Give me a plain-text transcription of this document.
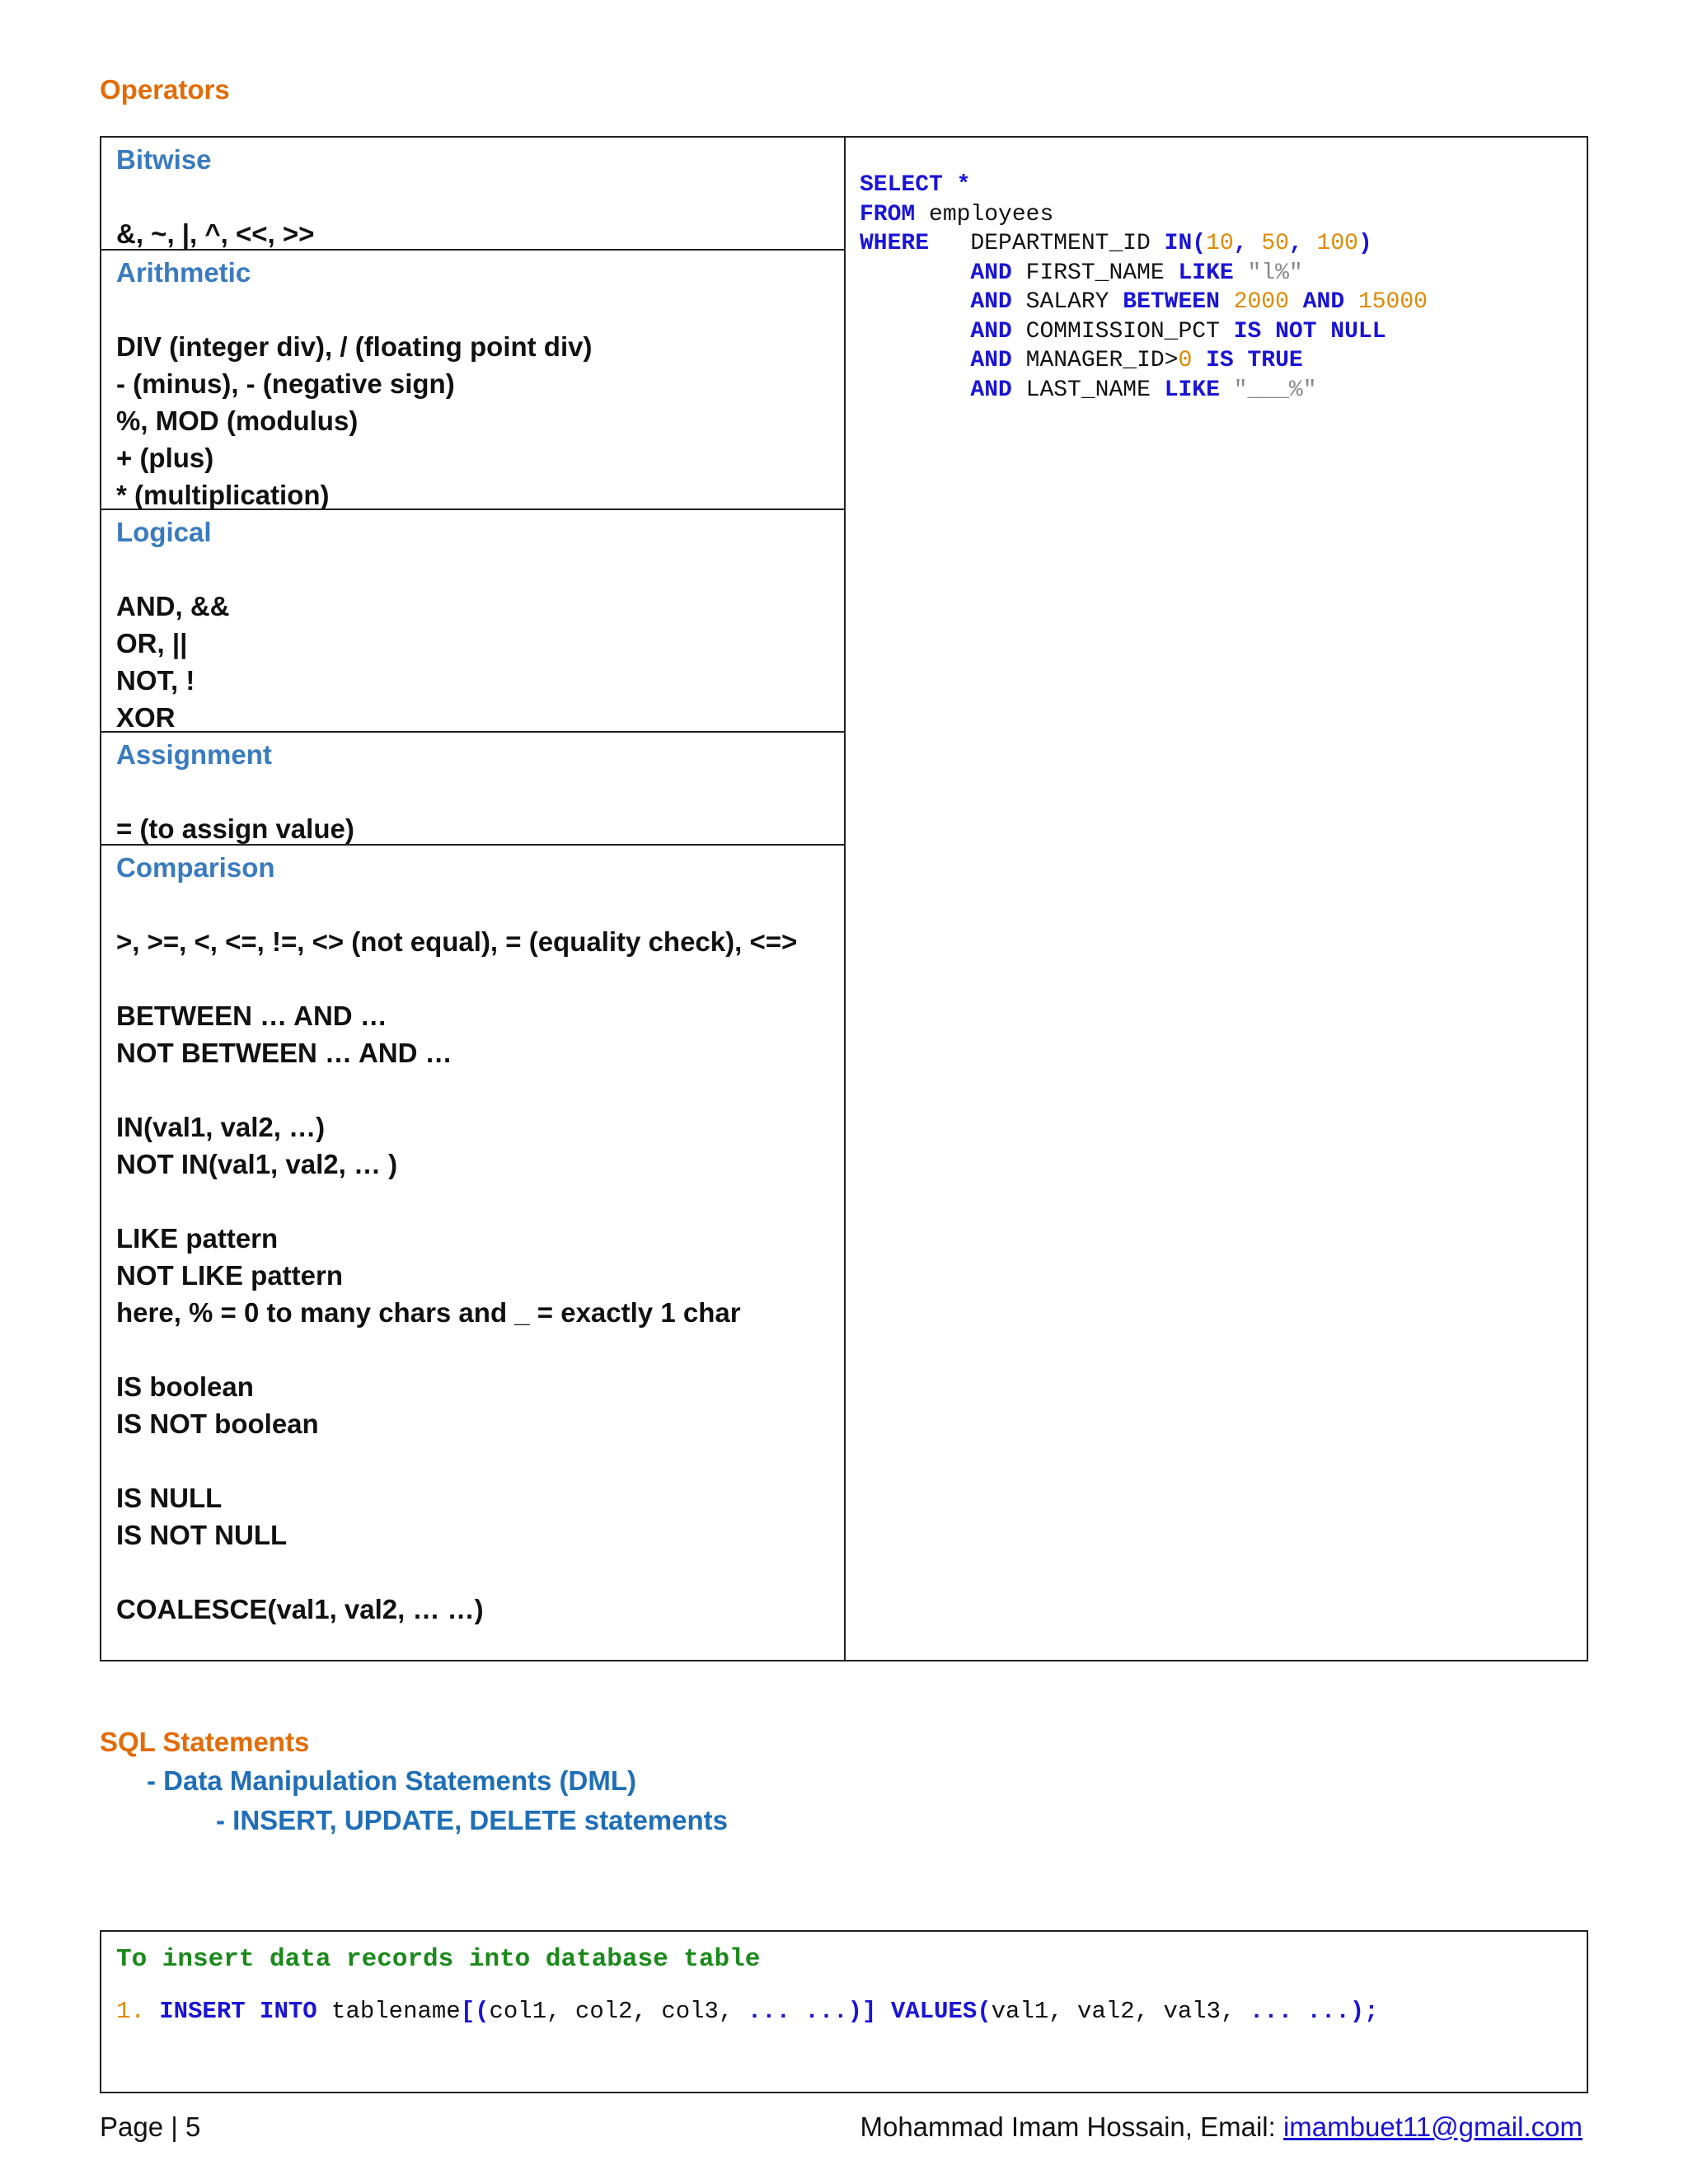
Operators
Bitwise
&, ~, |, ^, <<, >>
Arithmetic
DIV (integer div), / (floating point div)
- (minus), - (negative sign)
%, MOD (modulus)
+ (plus)
* (multiplication)
Logical
AND, &&
OR, ||
NOT, !
XOR
Assignment
= (to assign value)
Comparison
>, >=, <, <=, !=, <> (not equal), = (equality check), <=>
BETWEEN … AND …
NOT BETWEEN … AND …
IN(val1, val2, …)
NOT IN(val1, val2, … )
LIKE pattern
NOT LIKE pattern
here, % = 0 to many chars and _ = exactly 1 char
IS boolean
IS NOT boolean
IS NULL
IS NOT NULL
COALESCE(val1, val2, … …)
SELECT *
FROM employees
WHERE   DEPARTMENT_ID IN(10, 50, 100)
AND FIRST_NAME LIKE "l%"
AND SALARY BETWEEN 2000 AND 15000
AND COMMISSION_PCT IS NOT NULL
AND MANAGER_ID>0 IS TRUE
AND LAST_NAME LIKE "___%"
SQL Statements
- Data Manipulation Statements (DML)
- INSERT, UPDATE, DELETE statements
To insert data records into database table
1. INSERT INTO tablename[(col1, col2, col3, ... ...)] VALUES(val1, val2, val3, ... ...);
Page | 5	Mohammad Imam Hossain, Email: imambuet11@gmail.com
